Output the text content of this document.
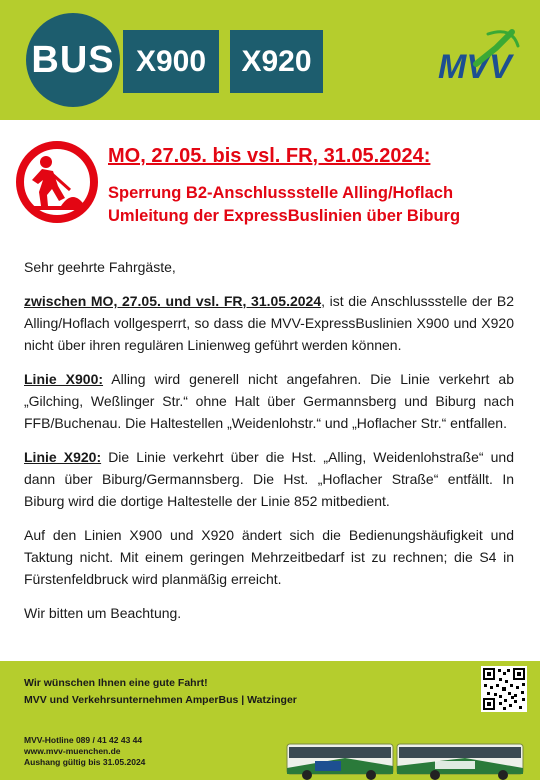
BUS X900	X920	MVV
MO, 27.05. bis vsl. FR, 31.05.2024:
Sperrung B2-Anschlussstelle Alling/Hoflach
Umleitung der ExpressBuslinien über Biburg

Sehr geehrte Fahrgäste,

zwischen MO, 27.05. und vsl. FR, 31.05.2024, ist die Anschlussstelle der B2 Alling/Hoflach vollgesperrt, so dass die MVV-ExpressBuslinien X900 und X920 nicht über ihren regulären Linienweg geführt werden können.

Linie X900: Alling wird generell nicht angefahren. Die Linie verkehrt ab „Gilching, Weßlinger Str.“ ohne Halt über Germannsberg und Biburg nach FFB/Buchenau. Die Haltestellen „Weidenlohstr.“ und „Hoflacher Str.“ entfallen.

Linie X920: Die Linie verkehrt über die Hst. „Alling, Weidenlohstraße“ und dann über Biburg/Germannsberg. Die Hst. „Hoflacher Straße“ entfällt. In Biburg wird die dortige Haltestelle der Linie 852 mitbedient.

Auf den Linien X900 und X920 ändert sich die Bedienungshäufigkeit und Taktung nicht. Mit einem geringen Mehrzeitbedarf ist zu rechnen; die S4 in Fürstenfeldbruck wird planmäßig erreicht.

Wir bitten um Beachtung.

Wir wünschen Ihnen eine gute Fahrt!
MVV und Verkehrsunternehmen AmperBus | Watzinger
MVV-Hotline 089 / 41 42 43 44
www.mvv-muenchen.de
Aushang gültig bis 31.05.2024
